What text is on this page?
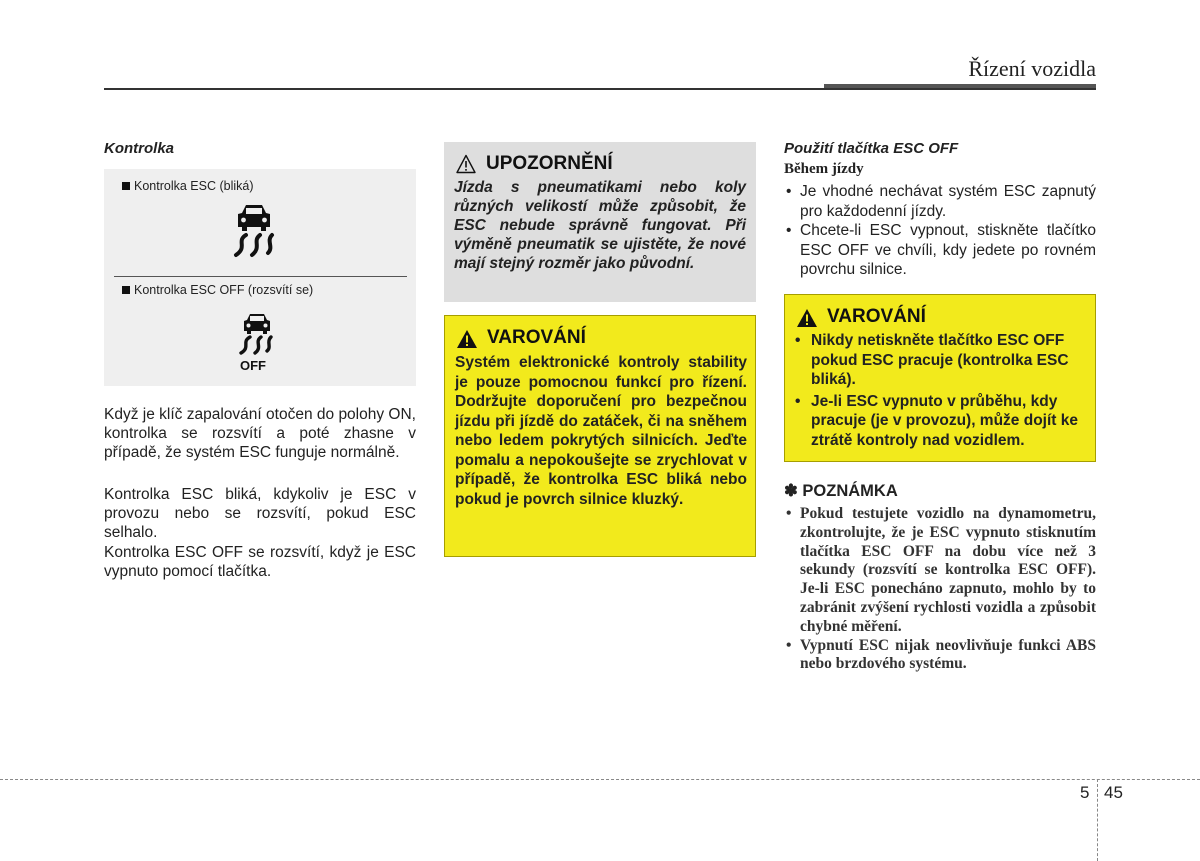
Řízení vozidla
Kontrolka
Kontrolka ESC (bliká)
Kontrolka ESC OFF (rozsvítí se)
OFF

Když je klíč zapalování otočen do polohy ON, kontrolka se rozsvítí a poté zhasne v případě, že systém ESC funguje normálně.

Kontrolka ESC bliká, kdykoliv je ESC v provozu nebo se rozsvítí, pokud ESC selhalo.

Kontrolka ESC OFF se rozsvítí, když je ESC vypnuto pomocí tlačítka.

UPOZORNĚNÍ

Jízda s pneumatikami nebo koly různých velikostí může způsobit, že ESC nebude správně fungovat. Při výměně pneumatik se ujistěte, že nové mají stejný rozměr jako původní.

VAROVÁNÍ

Systém elektronické kontroly stability je pouze pomocnou funkcí pro řízení. Dodržujte doporučení pro bezpečnou jízdu při jízdě do zatáček, či na sněhem nebo ledem pokrytých silnicích. Jeďte pomalu a nepokoušejte se zrychlovat v případě, že kontrolka ESC bliká nebo pokud je povrch silnice kluzký.

Použití tlačítka ESC OFF
Během jízdy
• Je vhodné nechávat systém ESC zapnutý pro každodenní jízdy.
• Chcete-li ESC vypnout, stiskněte tlačítko ESC OFF ve chvíli, kdy jedete po rovném povrchu silnice.
VAROVÁNÍ
• Nikdy netiskněte tlačítko ESC OFF pokud ESC pracuje (kontrolka ESC bliká).
• Je-li ESC vypnuto v průběhu, kdy pracuje (je v provozu), může dojít ke ztrátě kontroly nad vozidlem.
✽ POZNÁMKA
• Pokud testujete vozidlo na dynamometru, zkontrolujte, že je ESC vypnuto stisknutím tlačítka ESC OFF na dobu více než 3 sekundy (rozsvítí se kontrolka ESC OFF). Je-li ESC ponecháno zapnuto, mohlo by to zabránit zvýšení rychlosti vozidla a způsobit chybné měření.
• Vypnutí ESC nijak neovlivňuje funkci ABS nebo brzdového systému.
5 45
